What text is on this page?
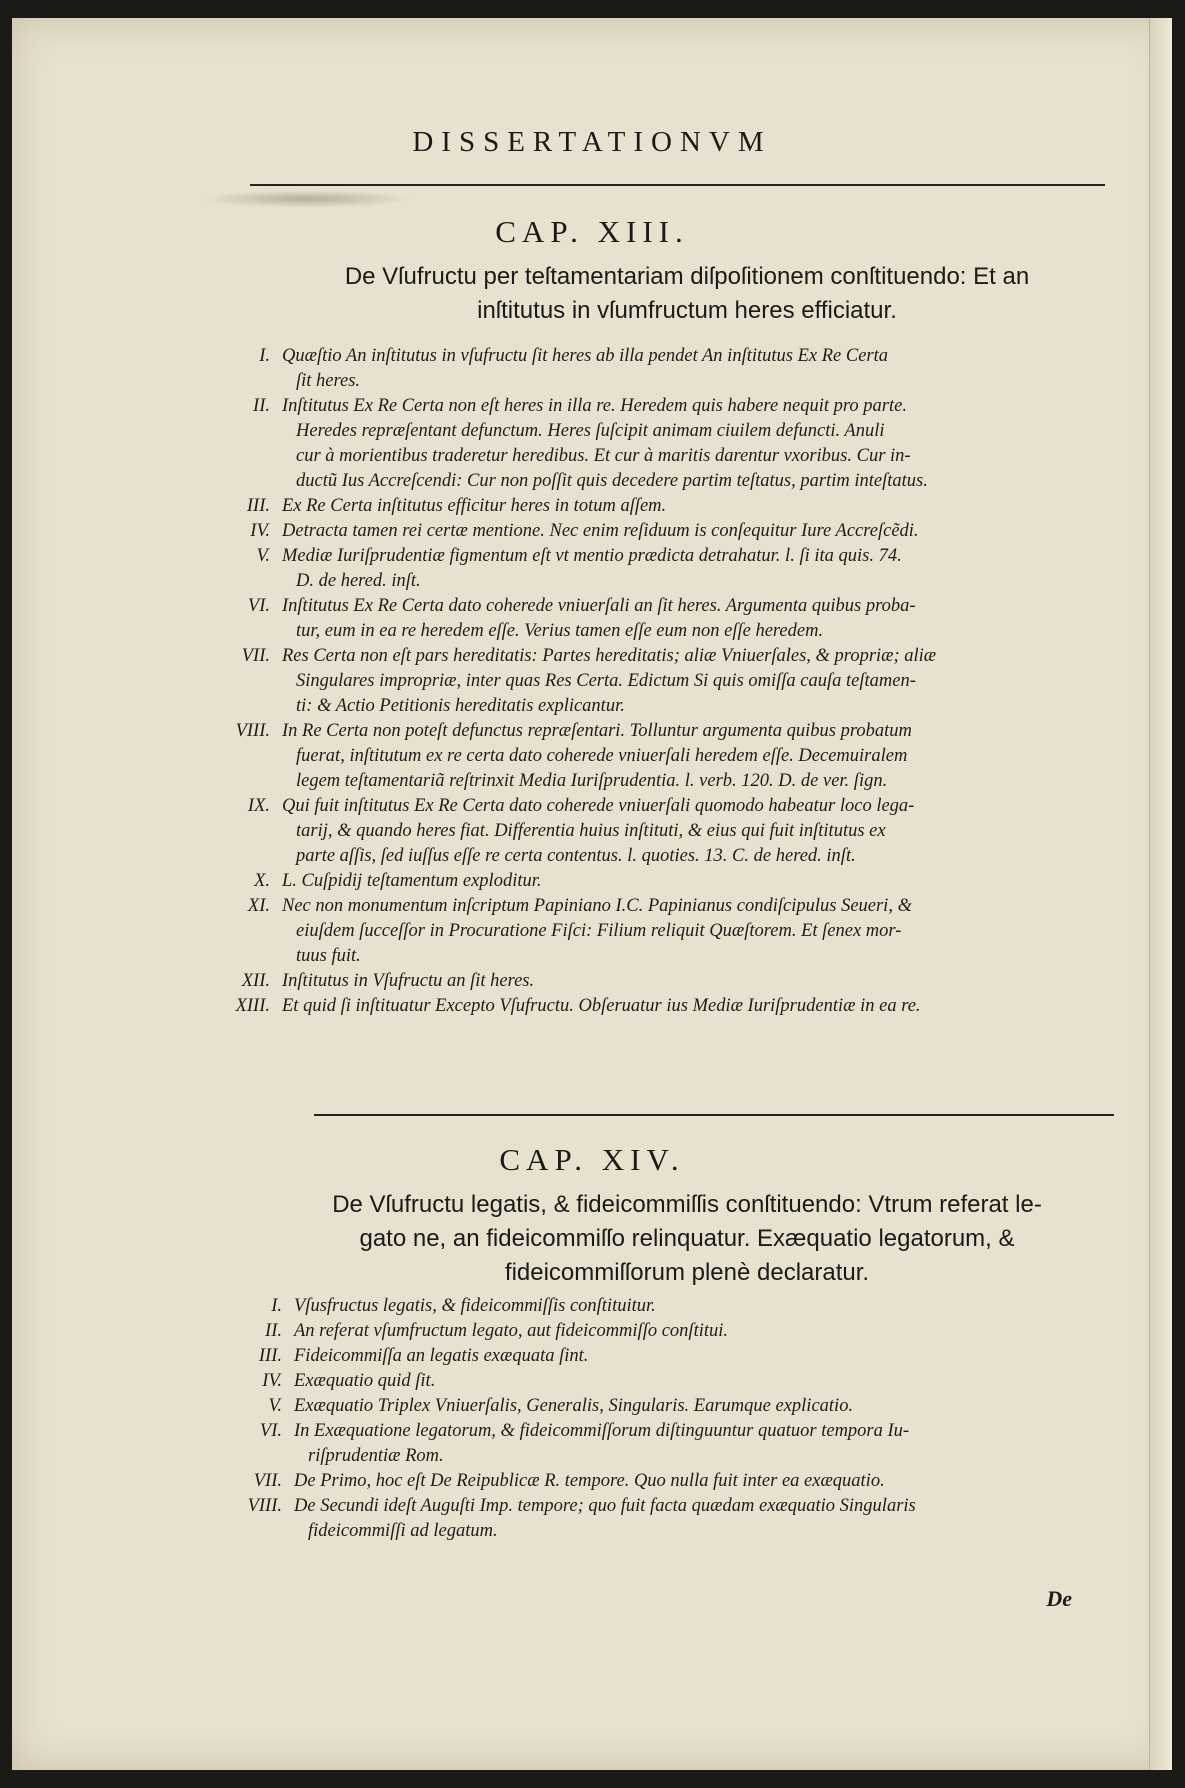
DISSERTATIONVM
CAP. XIII.
De Vſufructu per teſtamentariam diſpoſitionem conſtituendo: Et an
inſtitutus in vſumfructum heres efficiatur.
I. Quæſtio An inſtitutus in vſufructu ſit heres ab illa pendet An inſtitutus Ex Re Certa
ſit heres.
II. Inſtitutus Ex Re Certa non eſt heres in illa re. Heredem quis habere nequit pro parte.
Heredes repræſentant defunctum. Heres ſuſcipit animam ciuilem defuncti. Anuli
cur à morientibus traderetur heredibus. Et cur à maritis darentur vxoribus. Cur in-
ductũ Ius Accreſcendi: Cur non poſſit quis decedere partim teſtatus, partim inteſtatus.
III. Ex Re Certa inſtitutus efficitur heres in totum aſſem.
IV. Detracta tamen rei certæ mentione. Nec enim reſiduum is conſequitur Iure Accreſcẽdi.
V. Mediæ Iuriſprudentiæ figmentum eſt vt mentio prædicta detrahatur. l. ſi ita quis. 74.
D. de hered. inſt.
VI. Inſtitutus Ex Re Certa dato coherede vniuerſali an ſit heres. Argumenta quibus proba-
tur, eum in ea re heredem eſſe. Verius tamen eſſe eum non eſſe heredem.
VII. Res Certa non eſt pars hereditatis: Partes hereditatis; aliæ Vniuerſales, & propriæ; aliæ
Singulares impropriæ, inter quas Res Certa. Edictum Si quis omiſſa cauſa teſtamen-
ti: & Actio Petitionis hereditatis explicantur.
VIII. In Re Certa non poteſt defunctus repræſentari. Tolluntur argumenta quibus probatum
fuerat, inſtitutum ex re certa dato coherede vniuerſali heredem eſſe. Decemuiralem
legem teſtamentariã reſtrinxit Media Iuriſprudentia. l. verb. 120. D. de ver. ſign.
IX. Qui fuit inſtitutus Ex Re Certa dato coherede vniuerſali quomodo habeatur loco lega-
tarij, & quando heres fiat. Differentia huius inſtituti, & eius qui fuit inſtitutus ex
parte aſſis, ſed iuſſus eſſe re certa contentus. l. quoties. 13. C. de hered. inſt.
X. L. Cuſpidij teſtamentum exploditur.
XI. Nec non monumentum inſcriptum Papiniano I.C. Papinianus condiſcipulus Seueri, &
eiuſdem ſucceſſor in Procuratione Fiſci: Filium reliquit Quæſtorem. Et ſenex mor-
tuus fuit.
XII. Inſtitutus in Vſufructu an ſit heres.
XIII. Et quid ſi inſtituatur Excepto Vſufructu. Obſeruatur ius Mediæ Iuriſprudentiæ in ea re.
CAP. XIV.
De Vſufructu legatis, & fideicommiſſis conſtituendo: Vtrum referat le-
gato ne, an fideicommiſſo relinquatur. Exæquatio legatorum, &
fideicommiſſorum plenè declaratur.
I. Vſusfructus legatis, & fideicommiſſis conſtituitur.
II. An referat vſumfructum legato, aut fideicommiſſo conſtitui.
III. Fideicommiſſa an legatis exæquata ſint.
IV. Exæquatio quid ſit.
V. Exæquatio Triplex Vniuerſalis, Generalis, Singularis. Earumque explicatio.
VI. In Exæquatione legatorum, & fideicommiſſorum diſtinguuntur quatuor tempora Iu-
riſprudentiæ Rom.
VII. De Primo, hoc eſt De Reipublicæ R. tempore. Quo nulla fuit inter ea exæquatio.
VIII. De Secundi ideſt Auguſti Imp. tempore; quo fuit facta quædam exæquatio Singularis
fideicommiſſi ad legatum.
De
